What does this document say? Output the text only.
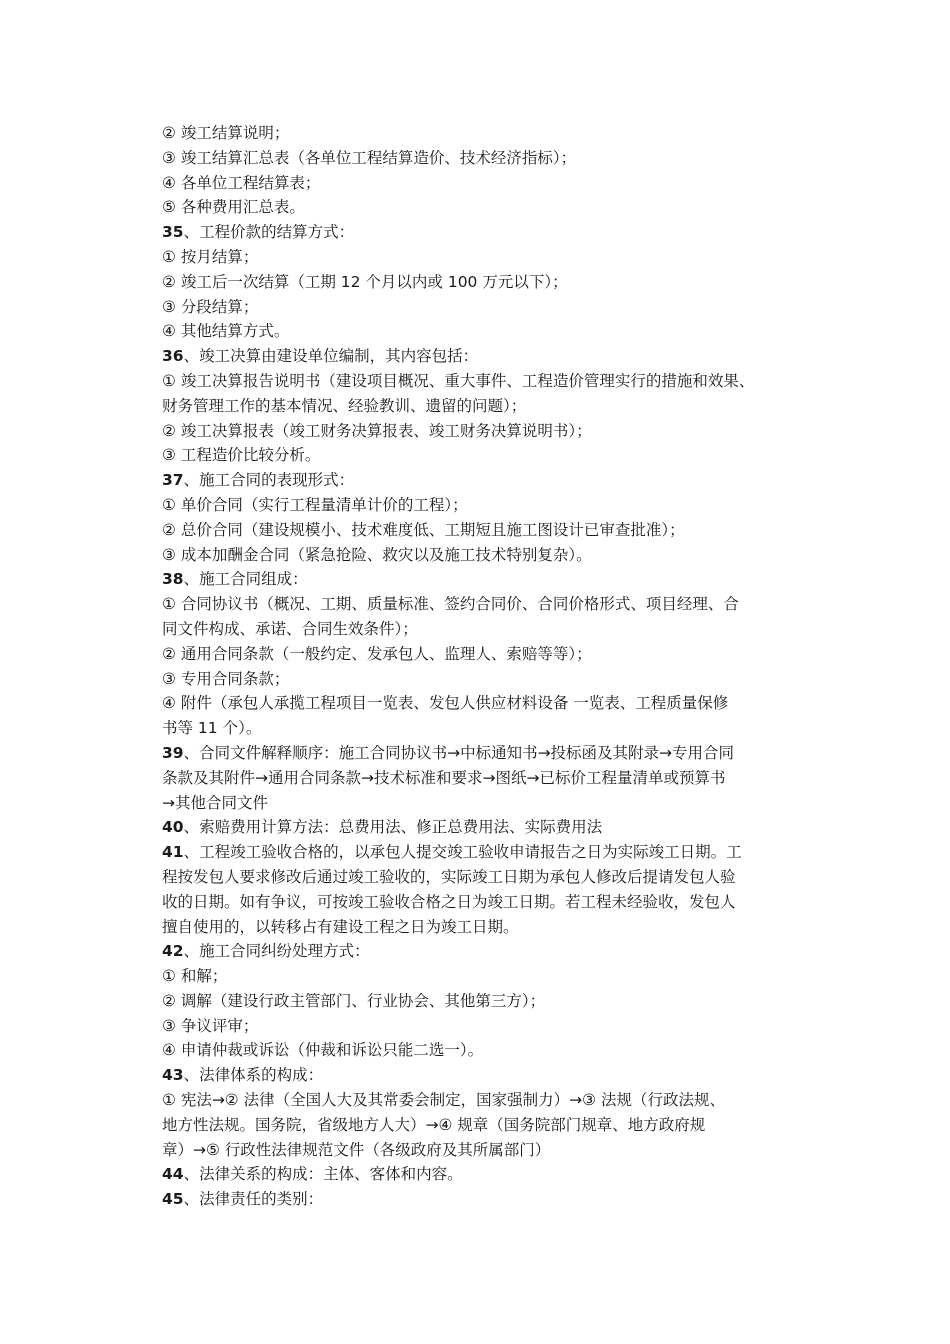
② 竣工结算说明；
③ 竣工结算汇总表（各单位工程结算造价、技术经济指标）；
④ 各单位工程结算表；
⑤ 各种费用汇总表。
35、工程价款的结算方式：
① 按月结算；
② 竣工后一次结算（工期 12 个月以内或 100 万元以下）；
③ 分段结算；
④ 其他结算方式。
36、竣工决算由建设单位编制，其内容包括：
① 竣工决算报告说明书（建设项目概况、重大事件、工程造价管理实行的措施和效果、
财务管理工作的基本情况、经验教训、遗留的问题）；
② 竣工决算报表（竣工财务决算报表、竣工财务决算说明书）；
③ 工程造价比较分析。
37、施工合同的表现形式：
① 单价合同（实行工程量清单计价的工程）；
② 总价合同（建设规模小、技术难度低、工期短且施工图设计已审查批准）；
③ 成本加酬金合同（紧急抢险、救灾以及施工技术特别复杂）。
38、施工合同组成：
① 合同协议书（概况、工期、质量标准、签约合同价、合同价格形式、项目经理、合
同文件构成、承诺、合同生效条件）；
② 通用合同条款（一般约定、发承包人、监理人、索赔等等）；
③ 专用合同条款；
④ 附件（承包人承揽工程项目一览表、发包人供应材料设备 一览表、工程质量保修
书等 11 个）。
39、合同文件解释顺序：施工合同协议书→中标通知书→投标函及其附录→专用合同
条款及其附件→通用合同条款→技术标准和要求→图纸→已标价工程量清单或预算书
→其他合同文件
40、索赔费用计算方法：总费用法、修正总费用法、实际费用法
41、工程竣工验收合格的，以承包人提交竣工验收申请报告之日为实际竣工日期。工
程按发包人要求修改后通过竣工验收的，实际竣工日期为承包人修改后提请发包人验
收的日期。如有争议，可按竣工验收合格之日为竣工日期。若工程未经验收，发包人
擅自使用的，以转移占有建设工程之日为竣工日期。
42、施工合同纠纷处理方式：
① 和解；
② 调解（建设行政主管部门、行业协会、其他第三方）；
③ 争议评审；
④ 申请仲裁或诉讼（仲裁和诉讼只能二选一）。
43、法律体系的构成：
① 宪法→② 法律（全国人大及其常委会制定，国家强制力）→③ 法规（行政法规、
地方性法规。国务院，省级地方人大）→④ 规章（国务院部门规章、地方政府规
章）→⑤ 行政性法律规范文件（各级政府及其所属部门）
44、法律关系的构成：主体、客体和内容。
45、法律责任的类别：
